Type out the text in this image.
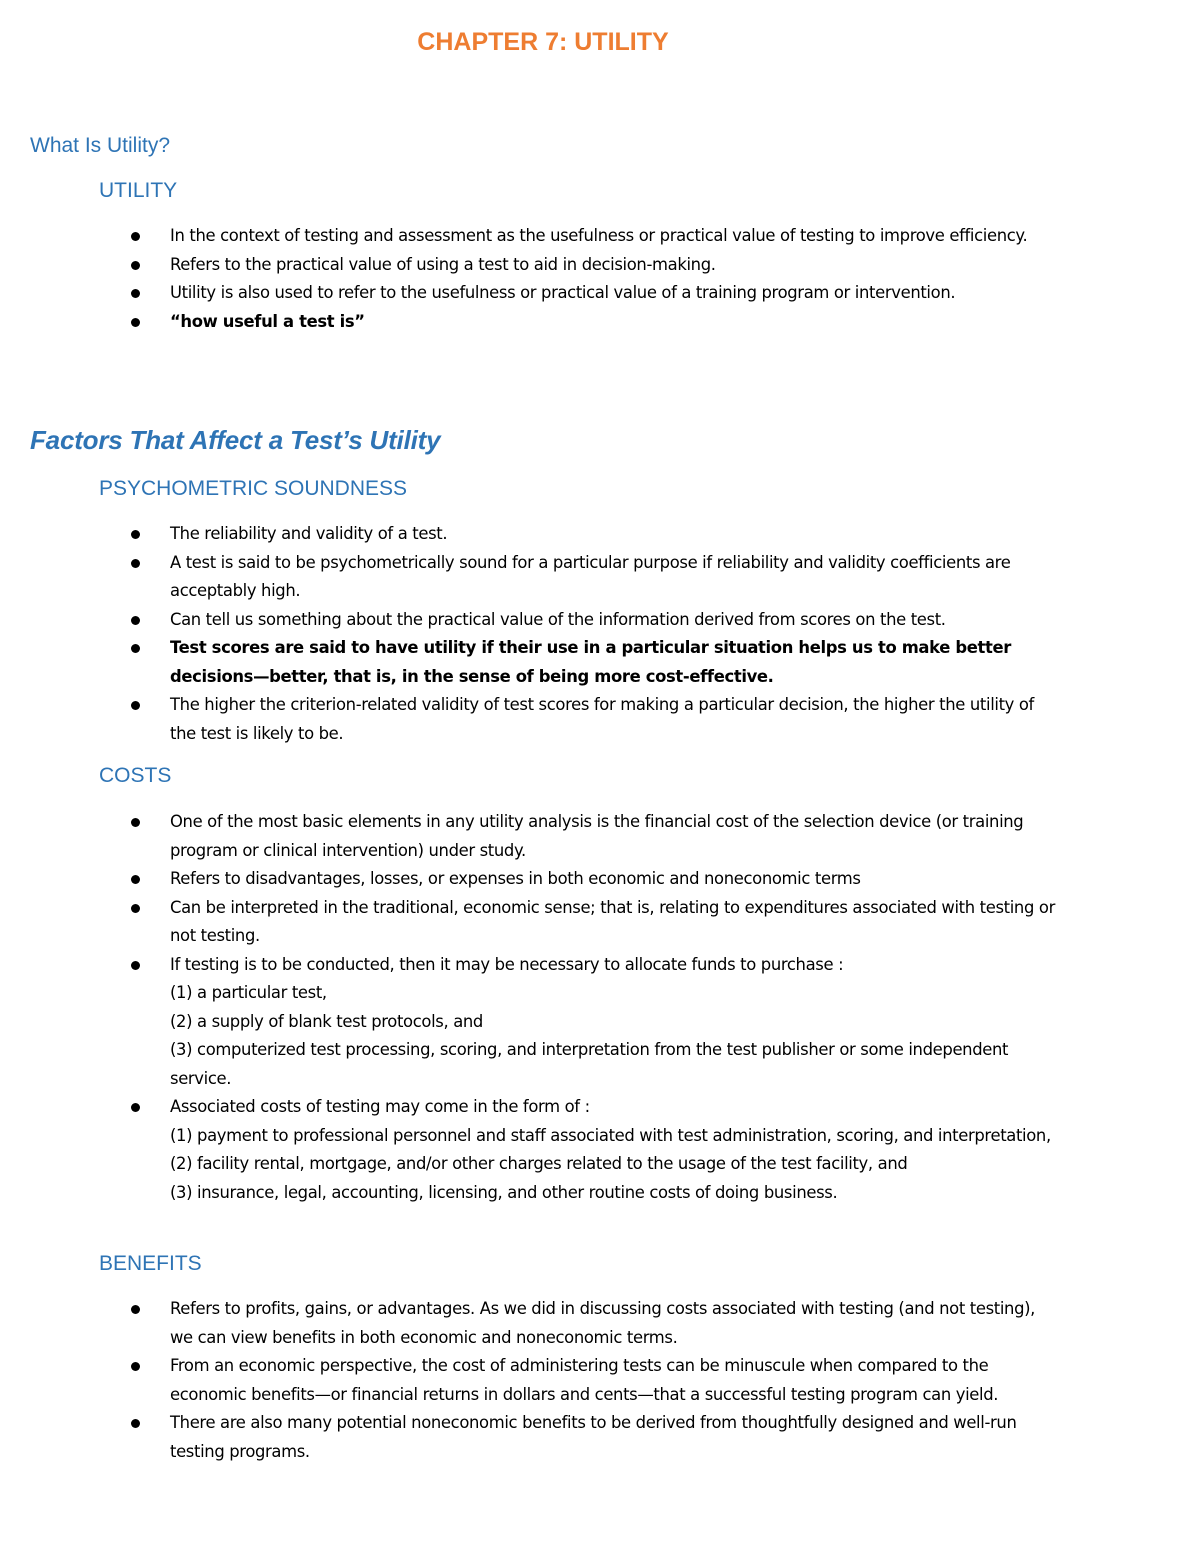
CHAPTER 7: UTILITY
What Is Utility?
UTILITY
In the context of testing and assessment as the usefulness or practical value of testing to improve efficiency.
Refers to the practical value of using a test to aid in decision-making.
Utility is also used to refer to the usefulness or practical value of a training program or intervention.
“how useful a test is”
Factors That Affect a Test’s Utility
PSYCHOMETRIC SOUNDNESS
The reliability and validity of a test.
A test is said to be psychometrically sound for a particular purpose if reliability and validity coefficients are acceptably high.
Can tell us something about the practical value of the information derived from scores on the test.
Test scores are said to have utility if their use in a particular situation helps us to make better decisions—better, that is, in the sense of being more cost-effective.
The higher the criterion-related validity of test scores for making a particular decision, the higher the utility of the test is likely to be.
COSTS
One of the most basic elements in any utility analysis is the financial cost of the selection device (or training program or clinical intervention) under study.
Refers to disadvantages, losses, or expenses in both economic and noneconomic terms
Can be interpreted in the traditional, economic sense; that is, relating to expenditures associated with testing or not testing.
If testing is to be conducted, then it may be necessary to allocate funds to purchase :
(1) a particular test,
(2) a supply of blank test protocols, and
(3) computerized test processing, scoring, and interpretation from the test publisher or some independent service.
Associated costs of testing may come in the form of :
(1) payment to professional personnel and staff associated with test administration, scoring, and interpretation,
(2) facility rental, mortgage, and/or other charges related to the usage of the test facility, and
(3) insurance, legal, accounting, licensing, and other routine costs of doing business.
BENEFITS
Refers to profits, gains, or advantages. As we did in discussing costs associated with testing (and not testing), we can view benefits in both economic and noneconomic terms.
From an economic perspective, the cost of administering tests can be minuscule when compared to the economic benefits—or financial returns in dollars and cents—that a successful testing program can yield.
There are also many potential noneconomic benefits to be derived from thoughtfully designed and well-run testing programs.
